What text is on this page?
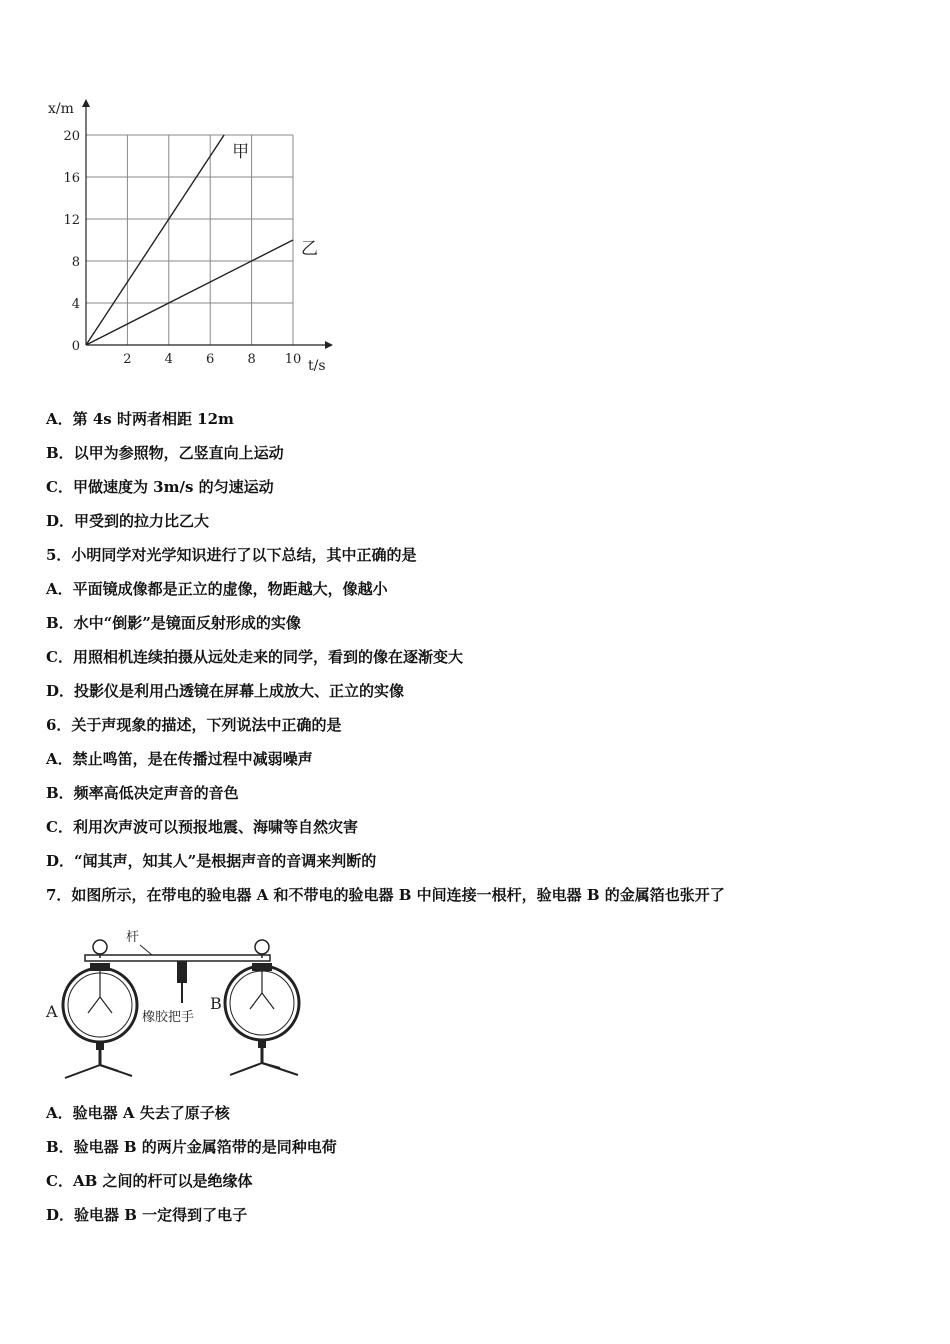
2	4	6	8 10
0
4
8
12
16
20
甲
乙
x/m
t/s
A．第 4s 时两者相距 12m
B．以甲为参照物，乙竖直向上运动
C．甲做速度为 3m/s 的匀速运动
D．甲受到的拉力比乙大
5．小明同学对光学知识进行了以下总结，其中正确的是
A．平面镜成像都是正立的虚像，物距越大，像越小
B．水中“倒影”是镜面反射形成的实像
C．用照相机连续拍摄从远处走来的同学，看到的像在逐渐变大
D．投影仪是利用凸透镜在屏幕上成放大、正立的实像
6．关于声现象的描述，下列说法中正确的是
A．禁止鸣笛，是在传播过程中减弱噪声
B．频率高低决定声音的音色
C．利用次声波可以预报地震、海啸等自然灾害
D．“闻其声，知其人”是根据声音的音调来判断的
7．如图所示，在带电的验电器 A 和不带电的验电器 B 中间连接一根杆，验电器 B 的金属箔也张开了
杆
橡胶把手
A	B
A．验电器 A 失去了原子核
B．验电器 B 的两片金属箔带的是同种电荷
C．AB 之间的杆可以是绝缘体
D．验电器 B 一定得到了电子
